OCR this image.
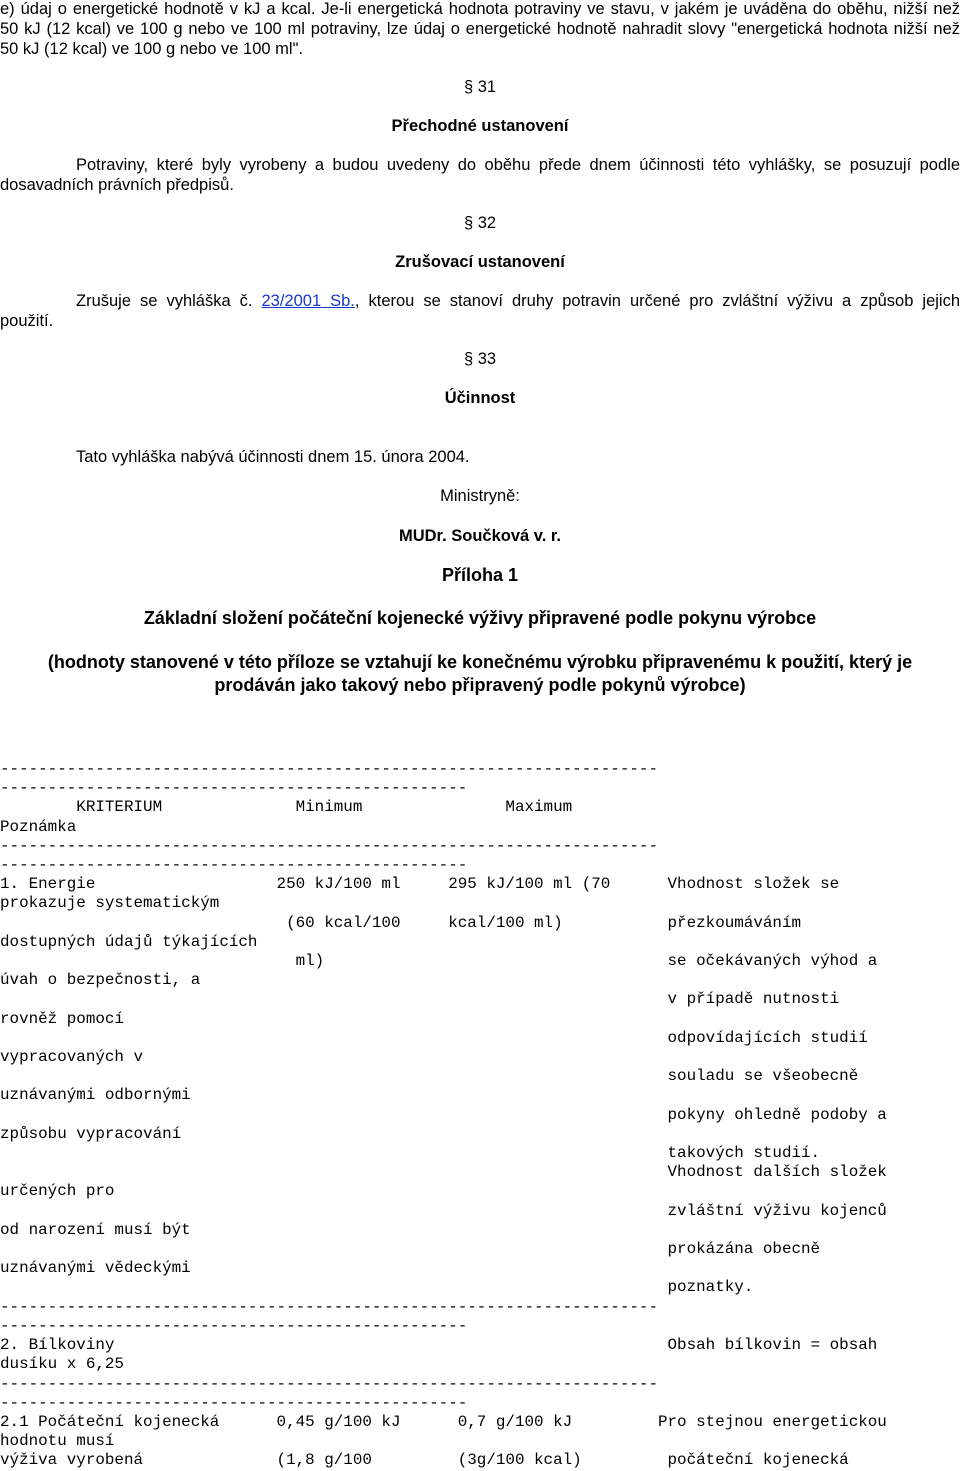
e) údaj o energetické hodnotě v kJ a kcal. Je-li energetická hodnota potraviny ve stavu, v jakém je uváděna do oběhu, nižší než
50 kJ (12 kcal) ve 100 g nebo ve 100 ml potraviny, lze údaj o energetické hodnotě nahradit slovy "energetická hodnota nižší než
50 kJ (12 kcal) ve 100 g nebo ve 100 ml".
§ 31
Přechodné ustanovení
Potraviny, které byly vyrobeny a budou uvedeny do oběhu přede dnem účinnosti této vyhlášky, se posuzují podle
dosavadních právních předpisů.
§ 32
Zrušovací ustanovení
Zrušuje se vyhláška č. 23/2001 Sb., kterou se stanoví druhy potravin určené pro zvláštní výživu a způsob jejich
použití.
§ 33
Účinnost
Tato vyhláška nabývá účinnosti dnem 15. února 2004.
Ministryně:
MUDr. Součková v. r.
Příloha 1
Základní složení počáteční kojenecké výživy připravené podle pokynu výrobce
(hodnoty stanovené v této příloze se vztahují ke konečnému výrobku připravenému k použití, který je
prodáván jako takový nebo připravený podle pokynů výrobce)
---------------------------------------------------------------------
-------------------------------------------------
KRITERIUM              Minimum               Maximum
Poznámka
---------------------------------------------------------------------
-------------------------------------------------
1. Energie                   250 kJ/100 ml     295 kJ/100 ml (70      Vhodnost složek se
prokazuje systematickým
(60 kcal/100     kcal/100 ml)           přezkoumáváním
dostupných údajů týkajících
ml)                                    se očekávaných výhod a
úvah o bezpečnosti, a
v případě nutnosti
rovněž pomocí
odpovídajících studií
vypracovaných v
souladu se všeobecně
uznávanými odbornými
pokyny ohledně podoby a
způsobu vypracování
takových studií.
Vhodnost dalších složek
určených pro
zvláštní výživu kojenců
od narození musí být
prokázána obecně
uznávanými vědeckými
poznatky.
---------------------------------------------------------------------
-------------------------------------------------
2. Bílkoviny                                                          Obsah bílkovin = obsah
dusíku x 6,25
---------------------------------------------------------------------
-------------------------------------------------
2.1 Počáteční kojenecká      0,45 g/100 kJ      0,7 g/100 kJ         Pro stejnou energetickou
hodnotu musí
výživa vyrobená              (1,8 g/100         (3g/100 kcal)         počáteční kojenecká
